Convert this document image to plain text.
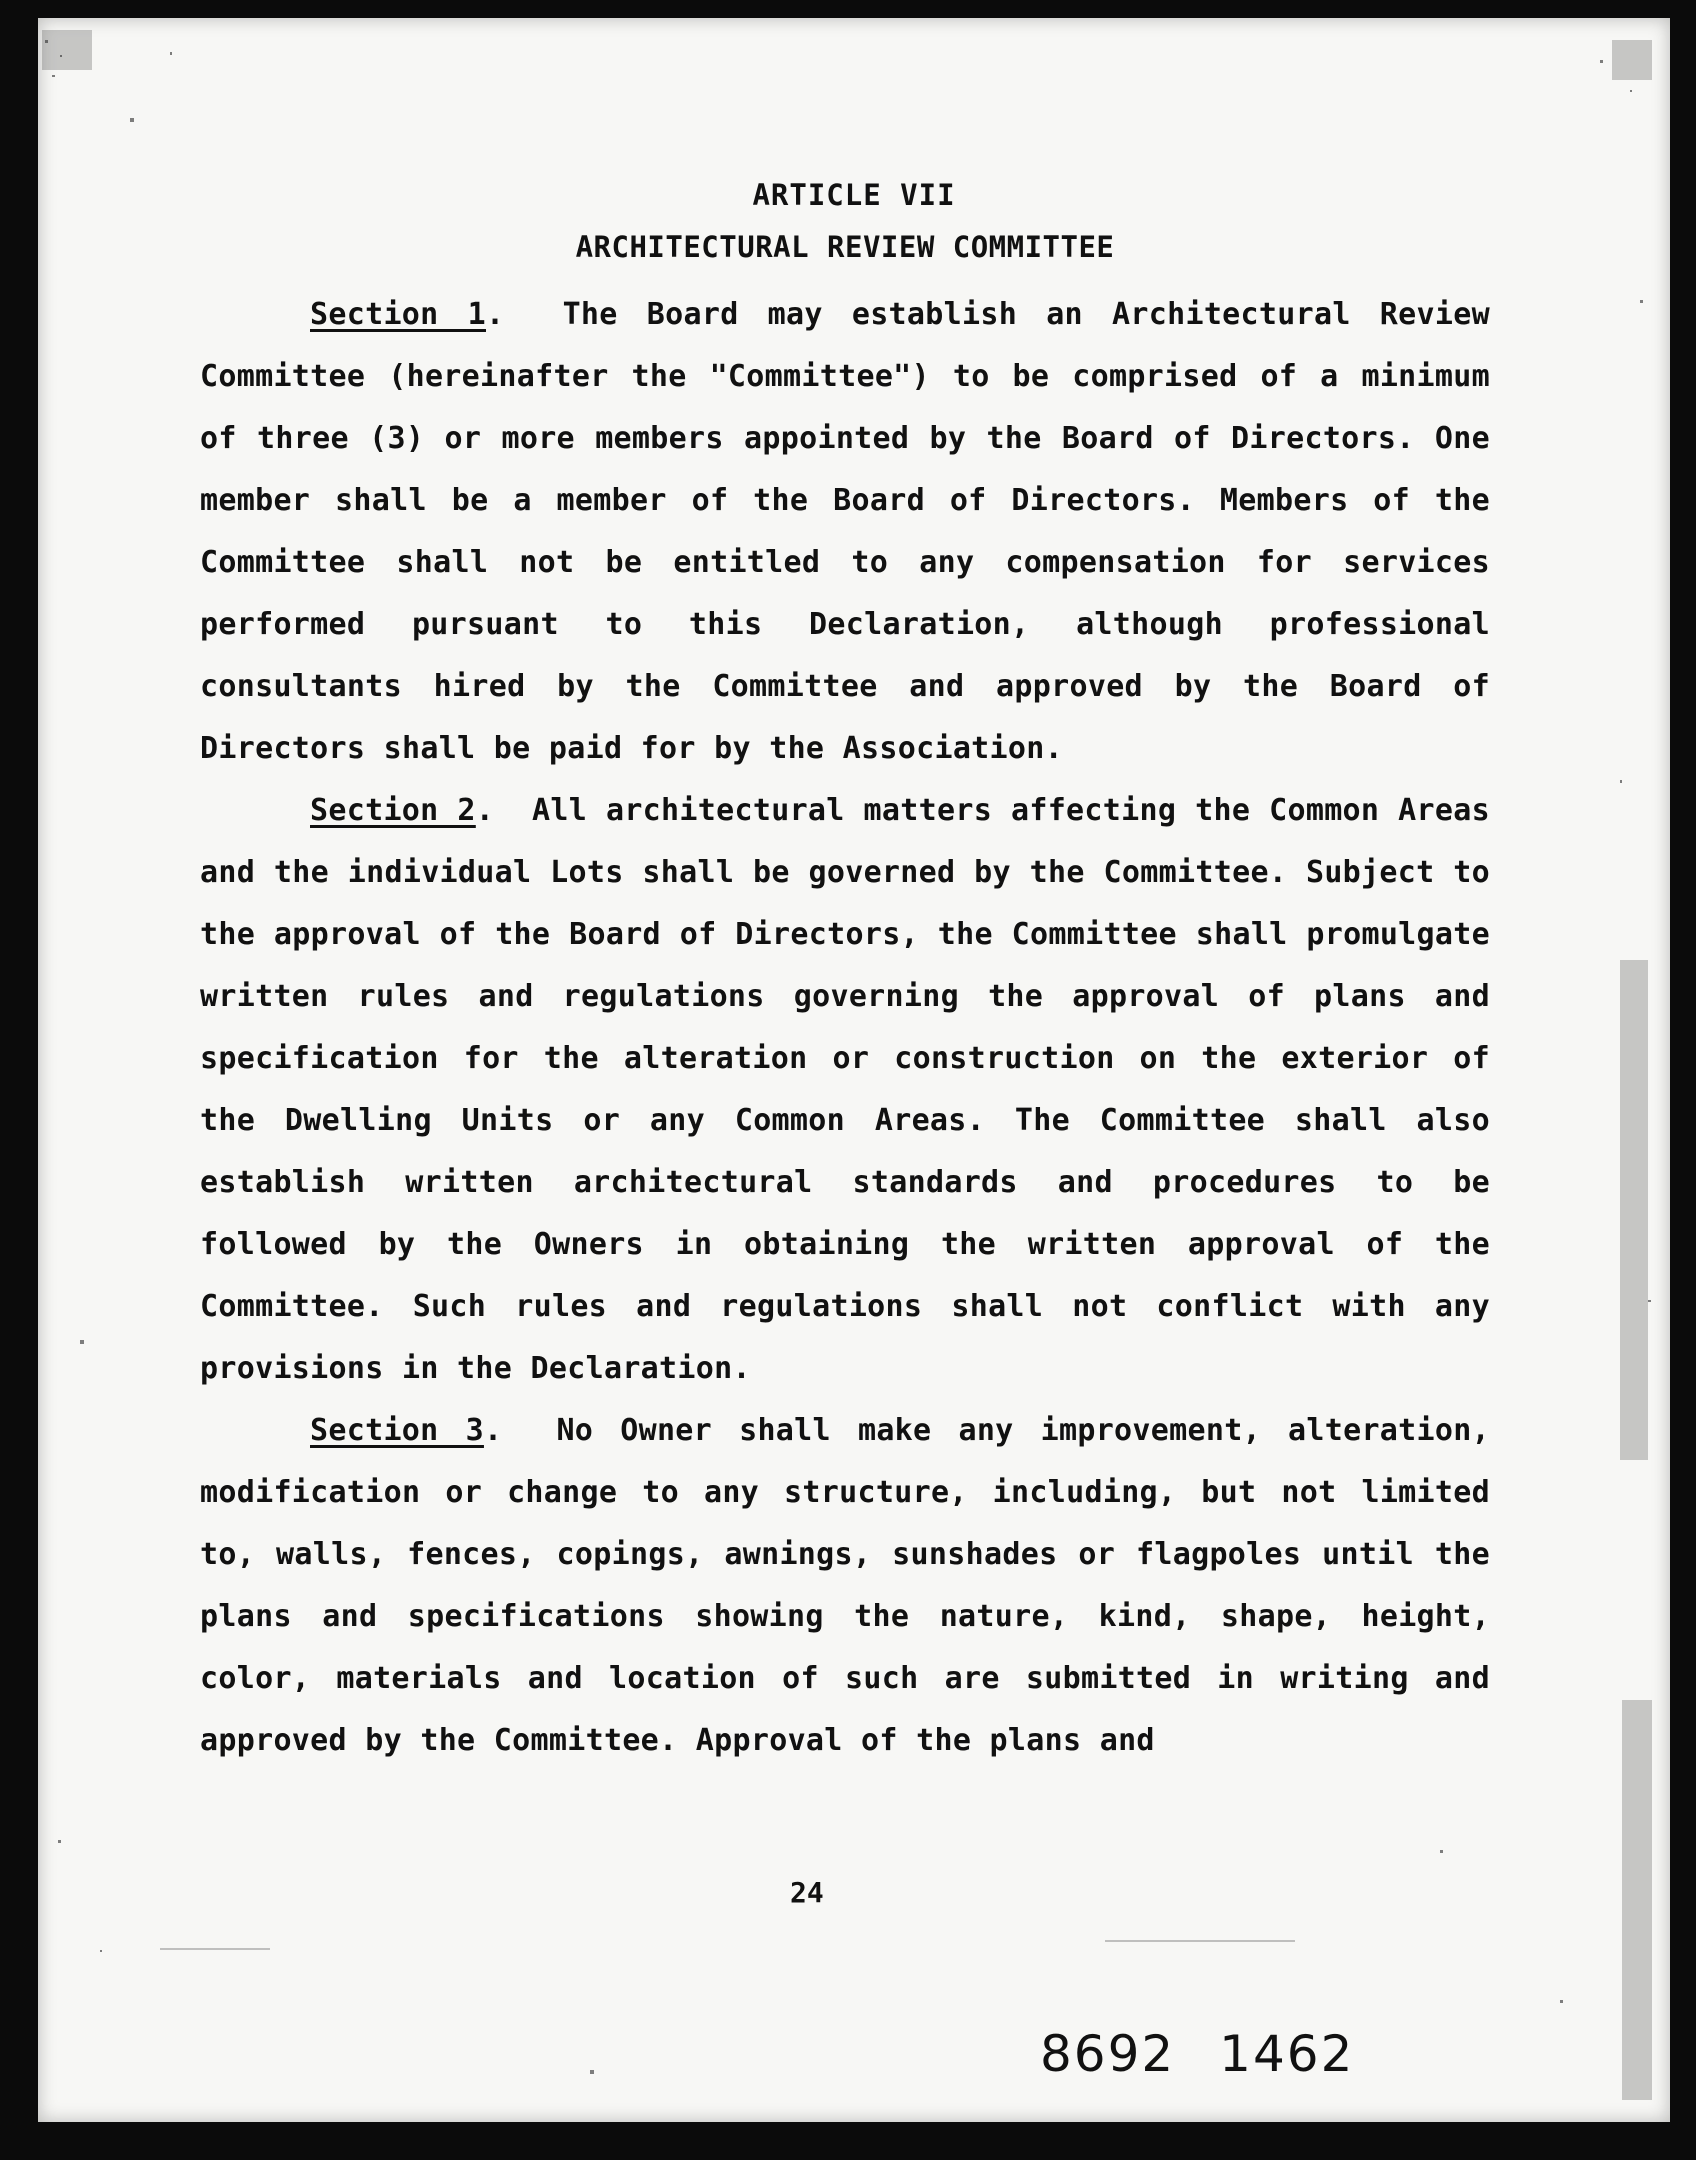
ARTICLE VII
ARCHITECTURAL REVIEW COMMITTEE

Section 1.  The Board may establish an Architectural Review Committee (hereinafter the "Committee") to be comprised of a minimum of three (3) or more members appointed by the Board of Directors. One member shall be a member of the Board of Directors. Members of the Committee shall not be entitled to any compensation for services performed pursuant to this Declaration, although professional consultants hired by the Committee and approved by the Board of Directors shall be paid for by the Association.

Section 2.  All architectural matters affecting the Common Areas and the individual Lots shall be governed by the Committee. Subject to the approval of the Board of Directors, the Committee shall promulgate written rules and regulations governing the approval of plans and specification for the alteration or construction on the exterior of the Dwelling Units or any Common Areas. The Committee shall also establish written architectural standards and procedures to be followed by the Owners in obtaining the written approval of the Committee. Such rules and regulations shall not conflict with any provisions in the Declaration.

Section 3.  No Owner shall make any improvement, alteration, modification or change to any structure, including, but not limited to, walls, fences, copings, awnings, sunshades or flagpoles until the plans and specifications showing the nature, kind, shape, height, color, materials and location of such are submitted in writing and approved by the Committee. Approval of the plans and

24
8692 1462
